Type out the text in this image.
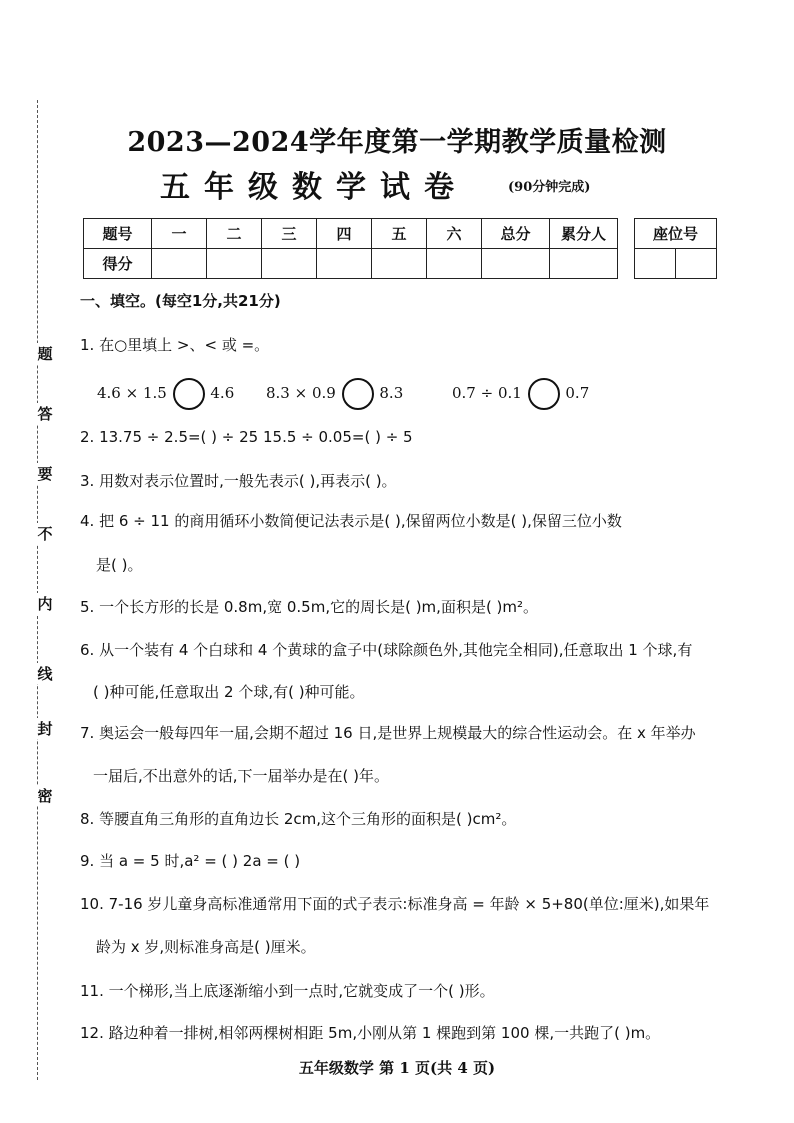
题
答
要
不
内
线
封
密
2023—2024学年度第一学期教学质量检测
五年级数学试卷	(90分钟完成)
题号	一	二	三	四	五	六	总分	累分人
得分								
座位号

一、填空。(每空1分,共21分)
1. 在○里填上 >、< 或 =。
4.6 × 1.5	4.6 8.3 × 0.9	8.3	0.7 ÷ 0.1	0.7
2. 13.75 ÷ 2.5=( ) ÷ 25 15.5 ÷ 0.05=( ) ÷ 5
3. 用数对表示位置时,一般先表示( ),再表示( )。
4. 把 6 ÷ 11 的商用循环小数简便记法表示是( ),保留两位小数是( ),保留三位小数
是( )。
5. 一个长方形的长是 0.8m,宽 0.5m,它的周长是( )m,面积是( )m²。
6. 从一个装有 4 个白球和 4 个黄球的盒子中(球除颜色外,其他完全相同),任意取出 1 个球,有
( )种可能,任意取出 2 个球,有( )种可能。
7. 奥运会一般每四年一届,会期不超过 16 日,是世界上规模最大的综合性运动会。在 x 年举办
一届后,不出意外的话,下一届举办是在( )年。
8. 等腰直角三角形的直角边长 2cm,这个三角形的面积是( )cm²。
9. 当 a = 5 时,a² = ( ) 2a = ( )
10. 7-16 岁儿童身高标准通常用下面的式子表示:标准身高 = 年龄 × 5+80(单位:厘米),如果年
龄为 x 岁,则标准身高是( )厘米。
11. 一个梯形,当上底逐渐缩小到一点时,它就变成了一个( )形。
12. 路边种着一排树,相邻两棵树相距 5m,小刚从第 1 棵跑到第 100 棵,一共跑了( )m。
五年级数学 第 1 页(共 4 页)
